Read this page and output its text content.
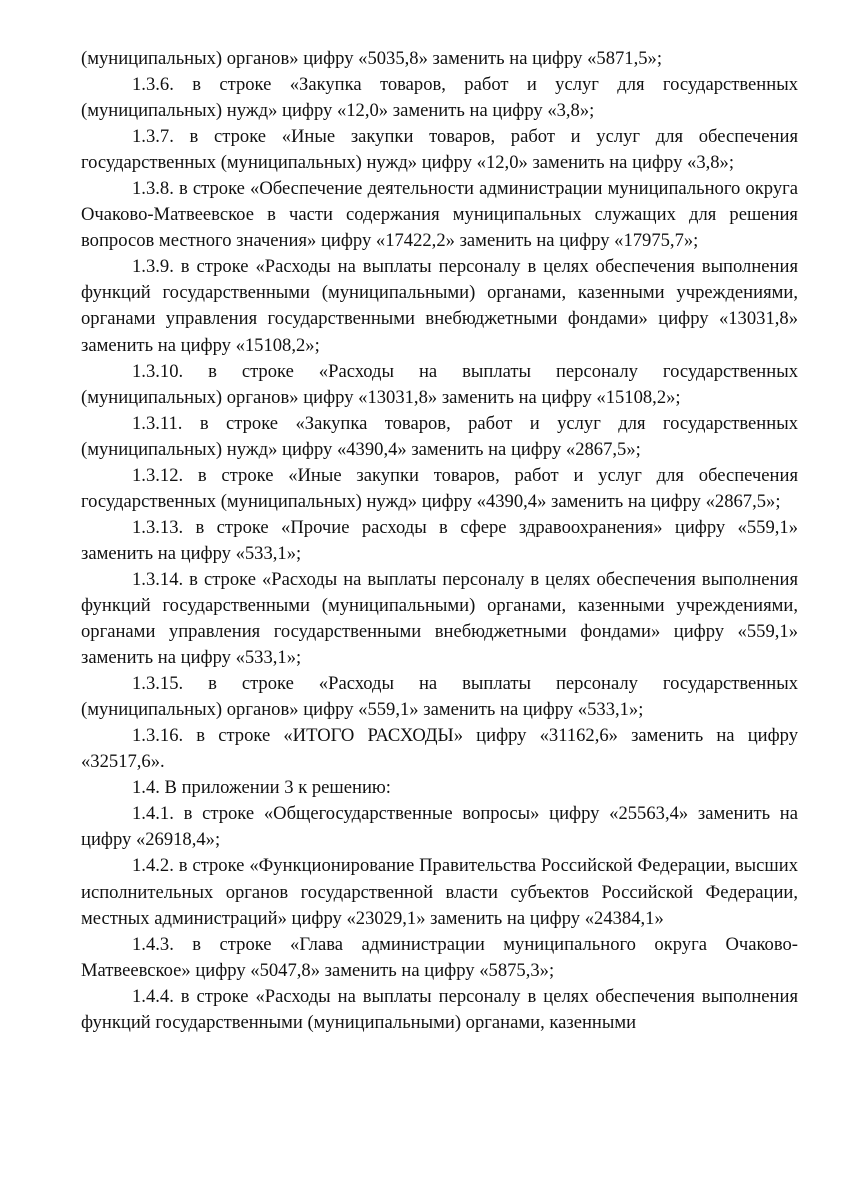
(муниципальных) органов» цифру «5035,8» заменить на цифру «5871,5»;

1.3.6. в строке «Закупка товаров, работ и услуг для государственных (муниципальных) нужд» цифру «12,0» заменить на цифру «3,8»;

1.3.7. в строке «Иные закупки товаров, работ и услуг для обеспечения государственных (муниципальных) нужд» цифру «12,0» заменить на цифру «3,8»;

1.3.8. в строке «Обеспечение деятельности администрации муниципального округа Очаково-Матвеевское в части содержания муниципальных служащих для решения вопросов местного значения» цифру «17422,2» заменить на цифру «17975,7»;

1.3.9. в строке «Расходы на выплаты персоналу в целях обеспечения выполнения функций государственными (муниципальными) органами, казенными учреждениями, органами управления государственными внебюджетными фондами» цифру «13031,8» заменить на цифру «15108,2»;

1.3.10. в строке «Расходы на выплаты персоналу государственных (муниципальных) органов» цифру «13031,8» заменить на цифру «15108,2»;

1.3.11. в строке «Закупка товаров, работ и услуг для государственных (муниципальных) нужд» цифру «4390,4» заменить на цифру «2867,5»;

1.3.12. в строке «Иные закупки товаров, работ и услуг для обеспечения государственных (муниципальных) нужд» цифру «4390,4» заменить на цифру «2867,5»;

1.3.13. в строке «Прочие расходы в сфере здравоохранения» цифру «559,1» заменить на цифру «533,1»;

1.3.14. в строке «Расходы на выплаты персоналу в целях обеспечения выполнения функций государственными (муниципальными) органами, казенными учреждениями, органами управления государственными внебюджетными фондами» цифру «559,1» заменить на цифру «533,1»;

1.3.15. в строке «Расходы на выплаты персоналу государственных (муниципальных) органов» цифру «559,1» заменить на цифру «533,1»;

1.3.16. в строке «ИТОГО РАСХОДЫ» цифру «31162,6» заменить на цифру «32517,6».

1.4. В приложении 3 к решению:

1.4.1. в строке «Общегосударственные вопросы» цифру «25563,4» заменить на цифру «26918,4»;

1.4.2. в строке «Функционирование Правительства Российской Федерации, высших исполнительных органов государственной власти субъектов Российской Федерации, местных администраций» цифру «23029,1» заменить на цифру «24384,1»

1.4.3. в строке «Глава администрации муниципального округа Очаково-Матвеевское» цифру «5047,8» заменить на цифру «5875,3»;

1.4.4. в строке «Расходы на выплаты персоналу в целях обеспечения выполнения функций государственными (муниципальными) органами, казенными
